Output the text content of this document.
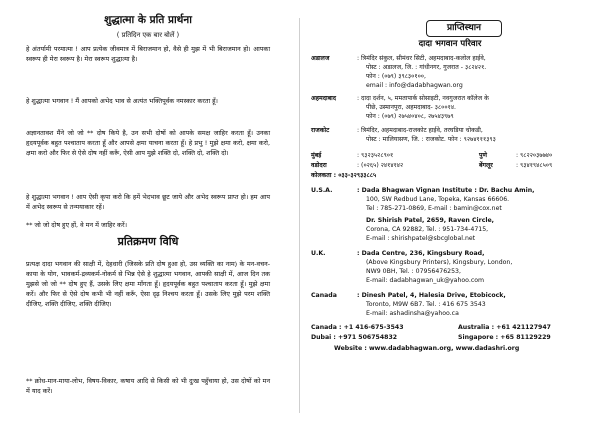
शुद्धात्मा के प्रति प्रार्थना
( प्रतिदिन एक बार बोलें )

हे अंतर्यामी परमात्मा ! आप प्रत्येक जीवमात्र में बिराजमान हो, वैसे ही मुझ में भी बिराजमान हो। आपका स्वरूप ही मेरा स्वरूप है। मेरा स्वरूप शुद्धात्मा है।

हे शुद्धात्मा भगवान ! मैं आपको अभेद भाव से अत्यंत भक्तिपूर्वक नमस्कार करता हूँ।

अज्ञानतावश मैंने जो जो ** दोष किये है, उन सभी दोषों को आपके समक्ष जाहिर करता हूँ। उनका हृदयपूर्वक बहुत पश्चाताप करता हूँ और आपसे क्षमा याचना करता हूँ। हे प्रभु ! मुझे क्षमा करो, क्षमा करो, क्षमा करो और फिर से ऐसे दोष नहीं करूँ, ऐसी आप मुझे शक्ति दो, शक्ति दो, शक्ति दो।

हे शुद्धात्मा भगवान ! आप ऐसी कृपा करो कि हमें भेदभाव छूट जाये और अभेद स्वरूप प्राप्त हो। हम आप में अभेद स्वरूप से तन्मयाकार रहें।

** जो जो दोष हुए हों, वे मन में जाहिर करें।

प्रतिक्रमण विधि

प्रत्यक्ष दादा भगवान की साक्षी में, देहधारी (जिसके प्रति दोष हुआ हो, उस व्यक्ति का नाम) के मन-वचन-काया के योग, भावकर्म-द्रव्यकर्म-नोकर्म से भिन्न ऐसे हे शुद्धात्मा भगवान, आपकी साक्षी में, आज दिन तक मुझसे जो जो ** दोष हुए हैं, उसके लिए क्षमा माँगता हूँ। हृदयपूर्वक बहुत पश्चाताप करता हूँ। मुझे क्षमा करें। और फिर से ऐसे दोष कभी भी नहीं करूँ, ऐसा दृढ़ निश्चय करता हूँ। उसके लिए मुझे परम शक्ति दीजिए, शक्ति दीजिए, शक्ति दीजिए।

** क्रोध-मान-माया-लोभ, विषय-विकार, कषाय आदि से किसी को भी दुःख पहुँचाया हो, उस दोषों को मन में याद करें।

प्राप्तिस्थान
दादा भगवान परिवार
अडालज	: त्रिमंदिर संकुल, सीमंधर सिटी, अहमदाबाद-कलोल हाईवे,
पोस्ट : अडालज, जि. : गांधीनगर, गुजरात - ३८२४२१.
फोन : (०७९) ३९८३०१००,
email : info@dadabhagwan.org
अहमदाबाद	: दादा दर्शन, ५, ममतापार्क सोसाइटी, नवगुजरात कॉलेज के
पीछे, उस्मानपुरा, अहमदाबाद- ३८००१४.
फोन : (०७९) २७५४०४०८, २७५४३९७९
राजकोट	: त्रिमंदिर, अहमदाबाद-राजकोट हाईवे, तरघडिया चोकडी,
पोस्ट : मालियासण, जि. : राजकोट. फोन : ९२७४१११३९३
मुंबई	: ९३२३५२८९०१	पुणे	: ९८२२०३७७४०
वडोदरा	: (०२६५) २४१४१४२	बेंगलूर	: ९३४१९४८५०९
कोलकता : ०३३-३२९३३८८५
U.S.A.	: Dada Bhagwan Vignan Institute : Dr. Bachu Amin,
100, SW Redbud Lane, Topeka, Kansas 66606.
Tel : 785-271-0869, E-mail : bamin@cox.net
Dr. Shirish Patel, 2659, Raven Circle,
Corona, CA 92882, Tel. : 951-734-4715,
E-mail : shirishpatel@sbcglobal.net
U.K.	: Dada Centre, 236, Kingsbury Road,
(Above Kingsbury Printers), Kingsbury, London,
NW9 0BH, Tel. : 07956476253,
E-mail: dadabhagwan_uk@yahoo.com
Canada	: Dinesh Patel, 4, Halesia Drive, Etobicock,
Toronto, M9W 6B7. Tel. : 416 675 3543
E-mail: ashadinsha@yahoo.ca
Canada : +1 416-675-3543	Australia : +61 421127947
Dubai : +971 506754832	Singapore : +65 81129229
Website : www.dadabhagwan.org, www.dadashri.org
